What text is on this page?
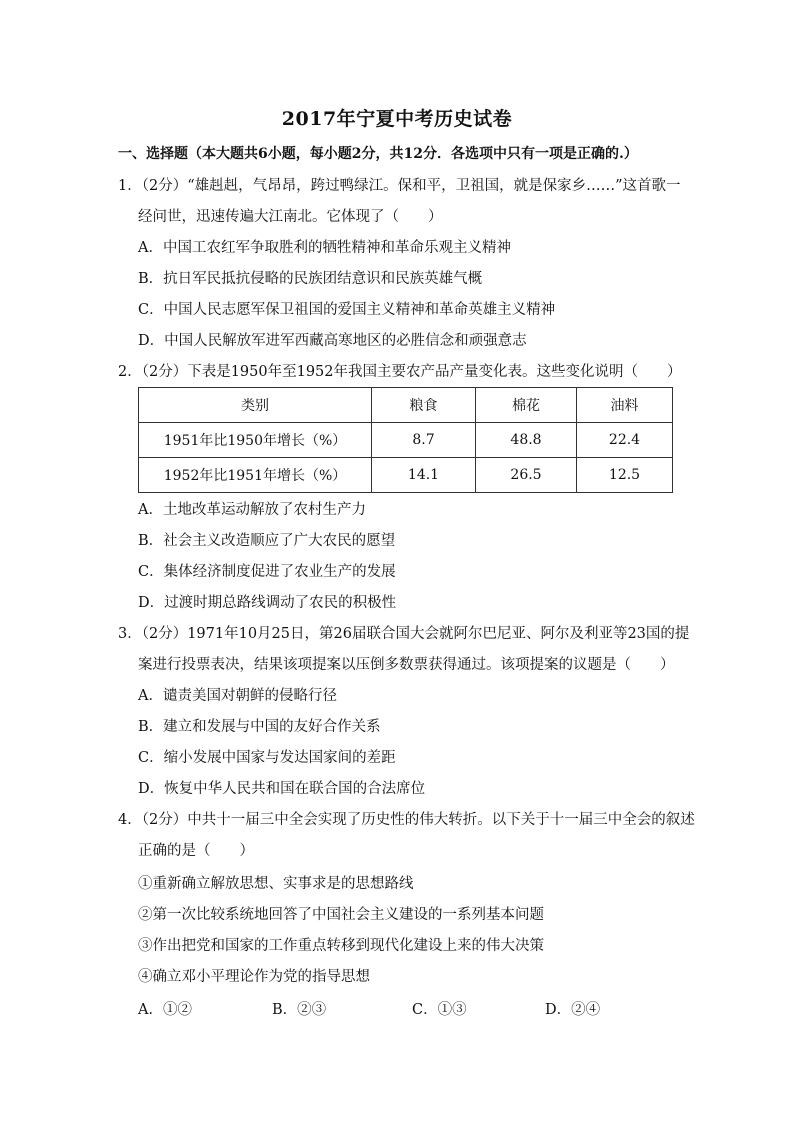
2017年宁夏中考历史试卷
一、选择题（本大题共6小题，每小题2分，共12分．各选项中只有一项是正确的.）
1．（2分）“雄赳赳，气昂昂，跨过鸭绿江。保和平，卫祖国，就是保家乡……”这首歌一
经问世，迅速传遍大江南北。它体现了（　　）
A．中国工农红军争取胜利的牺牲精神和革命乐观主义精神
B．抗日军民抵抗侵略的民族团结意识和民族英雄气概
C．中国人民志愿军保卫祖国的爱国主义精神和革命英雄主义精神
D．中国人民解放军进军西藏高寒地区的必胜信念和顽强意志
2．（2分）下表是1950年至1952年我国主要农产品产量变化表。这些变化说明（　　）
类别	粮食	棉花	油料
1951年比1950年增长（%）	8.7	48.8	22.4
1952年比1951年增长（%）	14.1	26.5	12.5
A．土地改革运动解放了农村生产力
B．社会主义改造顺应了广大农民的愿望
C．集体经济制度促进了农业生产的发展
D．过渡时期总路线调动了农民的积极性
3．（2分）1971年10月25日，第26届联合国大会就阿尔巴尼亚、阿尔及利亚等23国的提
案进行投票表决，结果该项提案以压倒多数票获得通过。该项提案的议题是（　　）
A．谴责美国对朝鲜的侵略行径
B．建立和发展与中国的友好合作关系
C．缩小发展中国家与发达国家间的差距
D．恢复中华人民共和国在联合国的合法席位
4．（2分）中共十一届三中全会实现了历史性的伟大转折。以下关于十一届三中全会的叙述
正确的是（　　）
①重新确立解放思想、实事求是的思想路线
②第一次比较系统地回答了中国社会主义建设的一系列基本问题
③作出把党和国家的工作重点转移到现代化建设上来的伟大决策
④确立邓小平理论作为党的指导思想
A．①②	B．②③	C．①③	D．②④
